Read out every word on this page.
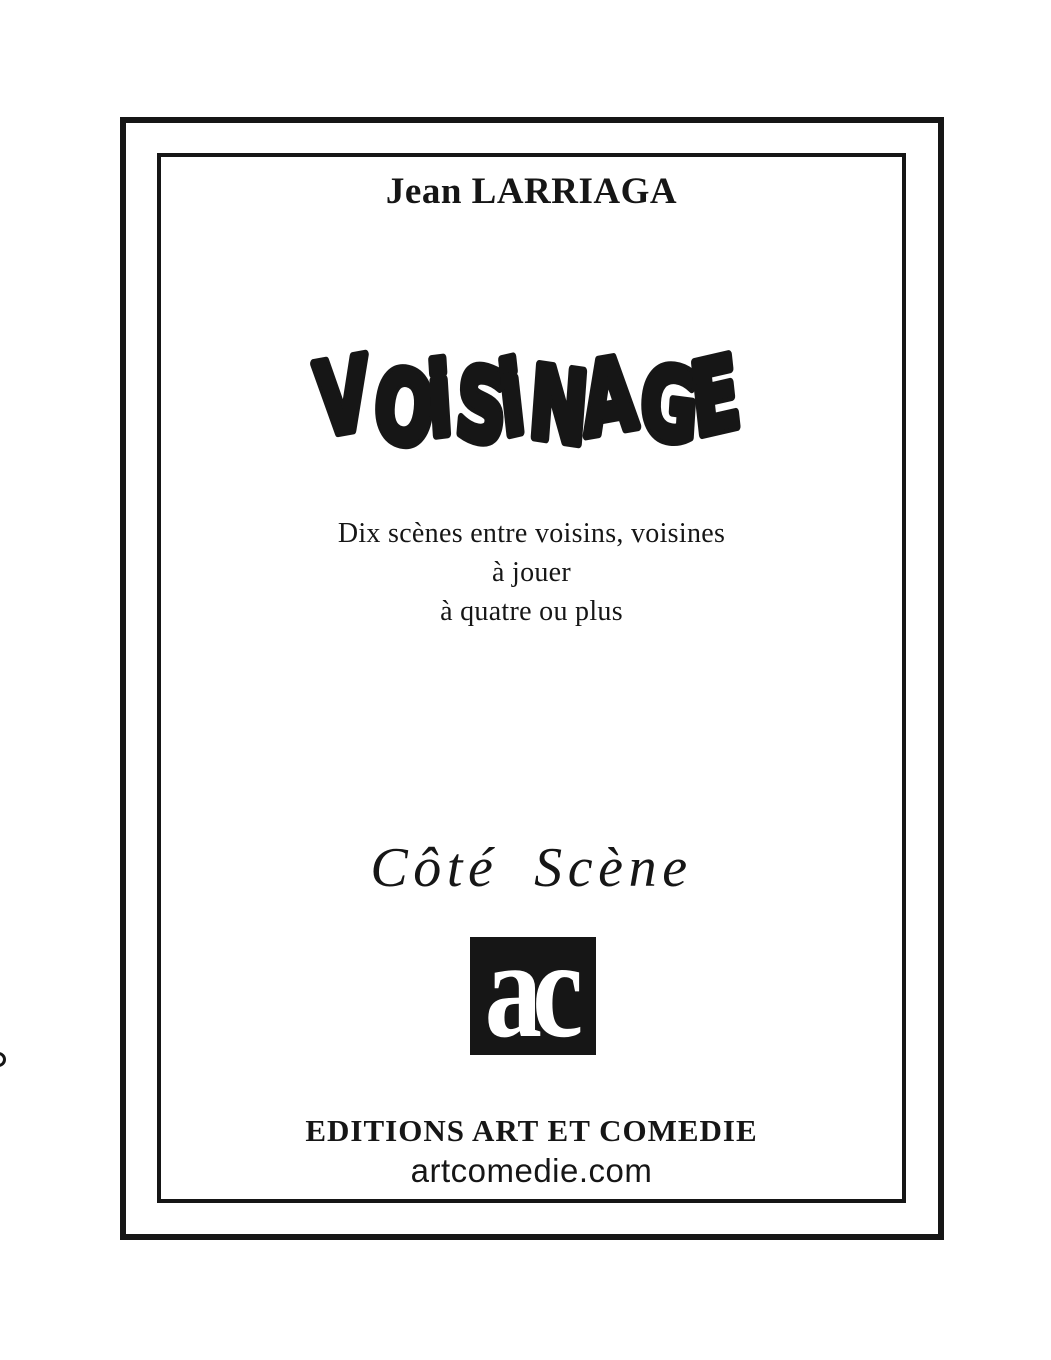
Jean LARRIAGA
VOiSiNAGE
Dix scènes entre voisins, voisines
à jouer
à quatre ou plus
Côté Scène
ac
EDITIONS ART ET COMEDIE
artcomedie.com
